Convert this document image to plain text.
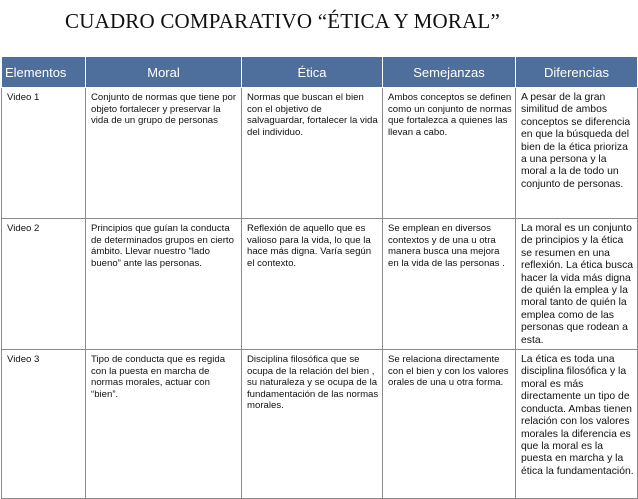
CUADRO COMPARATIVO “ÉTICA Y MORAL”
Elementos	Moral	Ética	Semejanzas	Diferencias
Video 1	Conjunto de normas que tiene por objeto fortalecer y preservar la vida de un grupo de personas	Normas que buscan el bien con el objetivo de salvaguardar, fortalecer la vida del individuo.	Ambos conceptos se definen como un conjunto de normas que fortalezca a quienes las llevan a cabo.	A pesar de la gran similitud de ambos conceptos se diferencia en que la búsqueda del bien de la ética prioriza a una persona y la moral a la de todo un conjunto de personas.
Video 2	Principios que guían la conducta de determinados grupos en cierto ámbito. Llevar nuestro “lado bueno” ante las personas.	Reflexión de aquello que es valioso para la vida, lo que la hace más digna. Varía según el contexto.	Se emplean en diversos contextos y de una u otra manera busca una mejora en la vida de las personas .	La moral es un conjunto de principios y la ética se resumen en una reflexión. La ética busca hacer la vida más digna de quién la emplea y la moral tanto de quién la emplea como de las personas que rodean a esta.
Video 3	Tipo de conducta que es regida con la puesta en marcha de normas morales, actuar con “bien”.	Disciplina filosófica que se ocupa de la relación del bien , su naturaleza y se ocupa de la fundamentación de las normas morales.	Se relaciona directamente con el bien y con los valores orales de una u otra forma.	La ética es toda una disciplina filosófica y la moral es más directamente un tipo de conducta. Ambas tienen relación con los valores morales la diferencia es que la moral es la puesta en marcha y la ética la fundamentación.
